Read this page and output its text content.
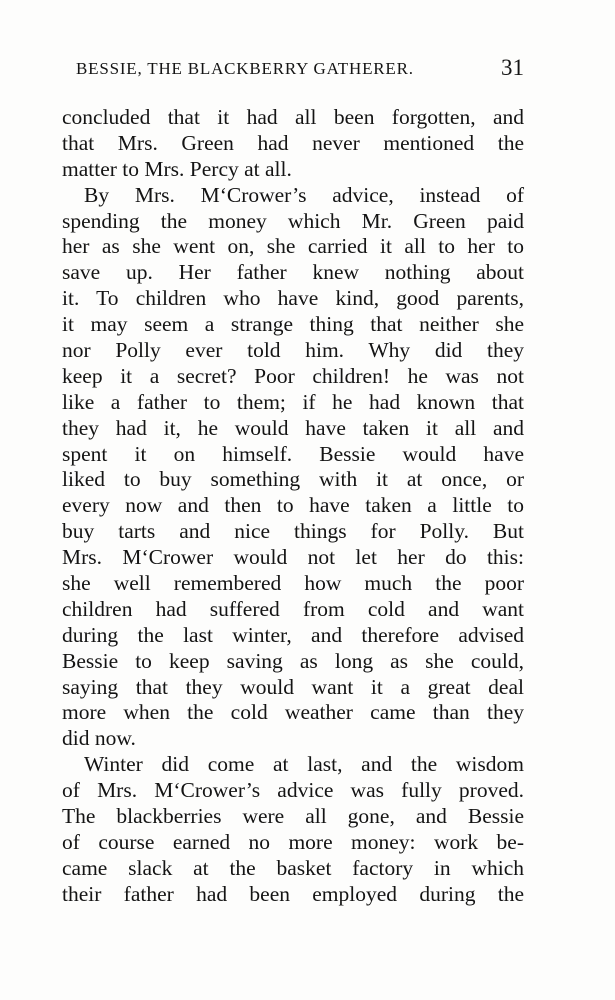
BESSIE, THE BLACKBERRY GATHERER.	31
concluded that it had all been forgotten, and
that Mrs. Green had never mentioned the
matter to Mrs. Percy at all.
By Mrs. M‘Crower’s advice, instead of
spending the money which Mr. Green paid
her as she went on, she carried it all to her to
save up. Her father knew nothing about
it. To children who have kind, good parents,
it may seem a strange thing that neither she
nor Polly ever told him. Why did they
keep it a secret? Poor children! he was not
like a father to them; if he had known that
they had it, he would have taken it all and
spent it on himself. Bessie would have
liked to buy something with it at once, or
every now and then to have taken a little to
buy tarts and nice things for Polly. But
Mrs. M‘Crower would not let her do this:
she well remembered how much the poor
children had suffered from cold and want
during the last winter, and therefore advised
Bessie to keep saving as long as she could,
saying that they would want it a great deal
more when the cold weather came than they
did now.
Winter did come at last, and the wisdom
of Mrs. M‘Crower’s advice was fully proved.
The blackberries were all gone, and Bessie
of course earned no more money: work be-
came slack at the basket factory in which
their father had been employed during the
